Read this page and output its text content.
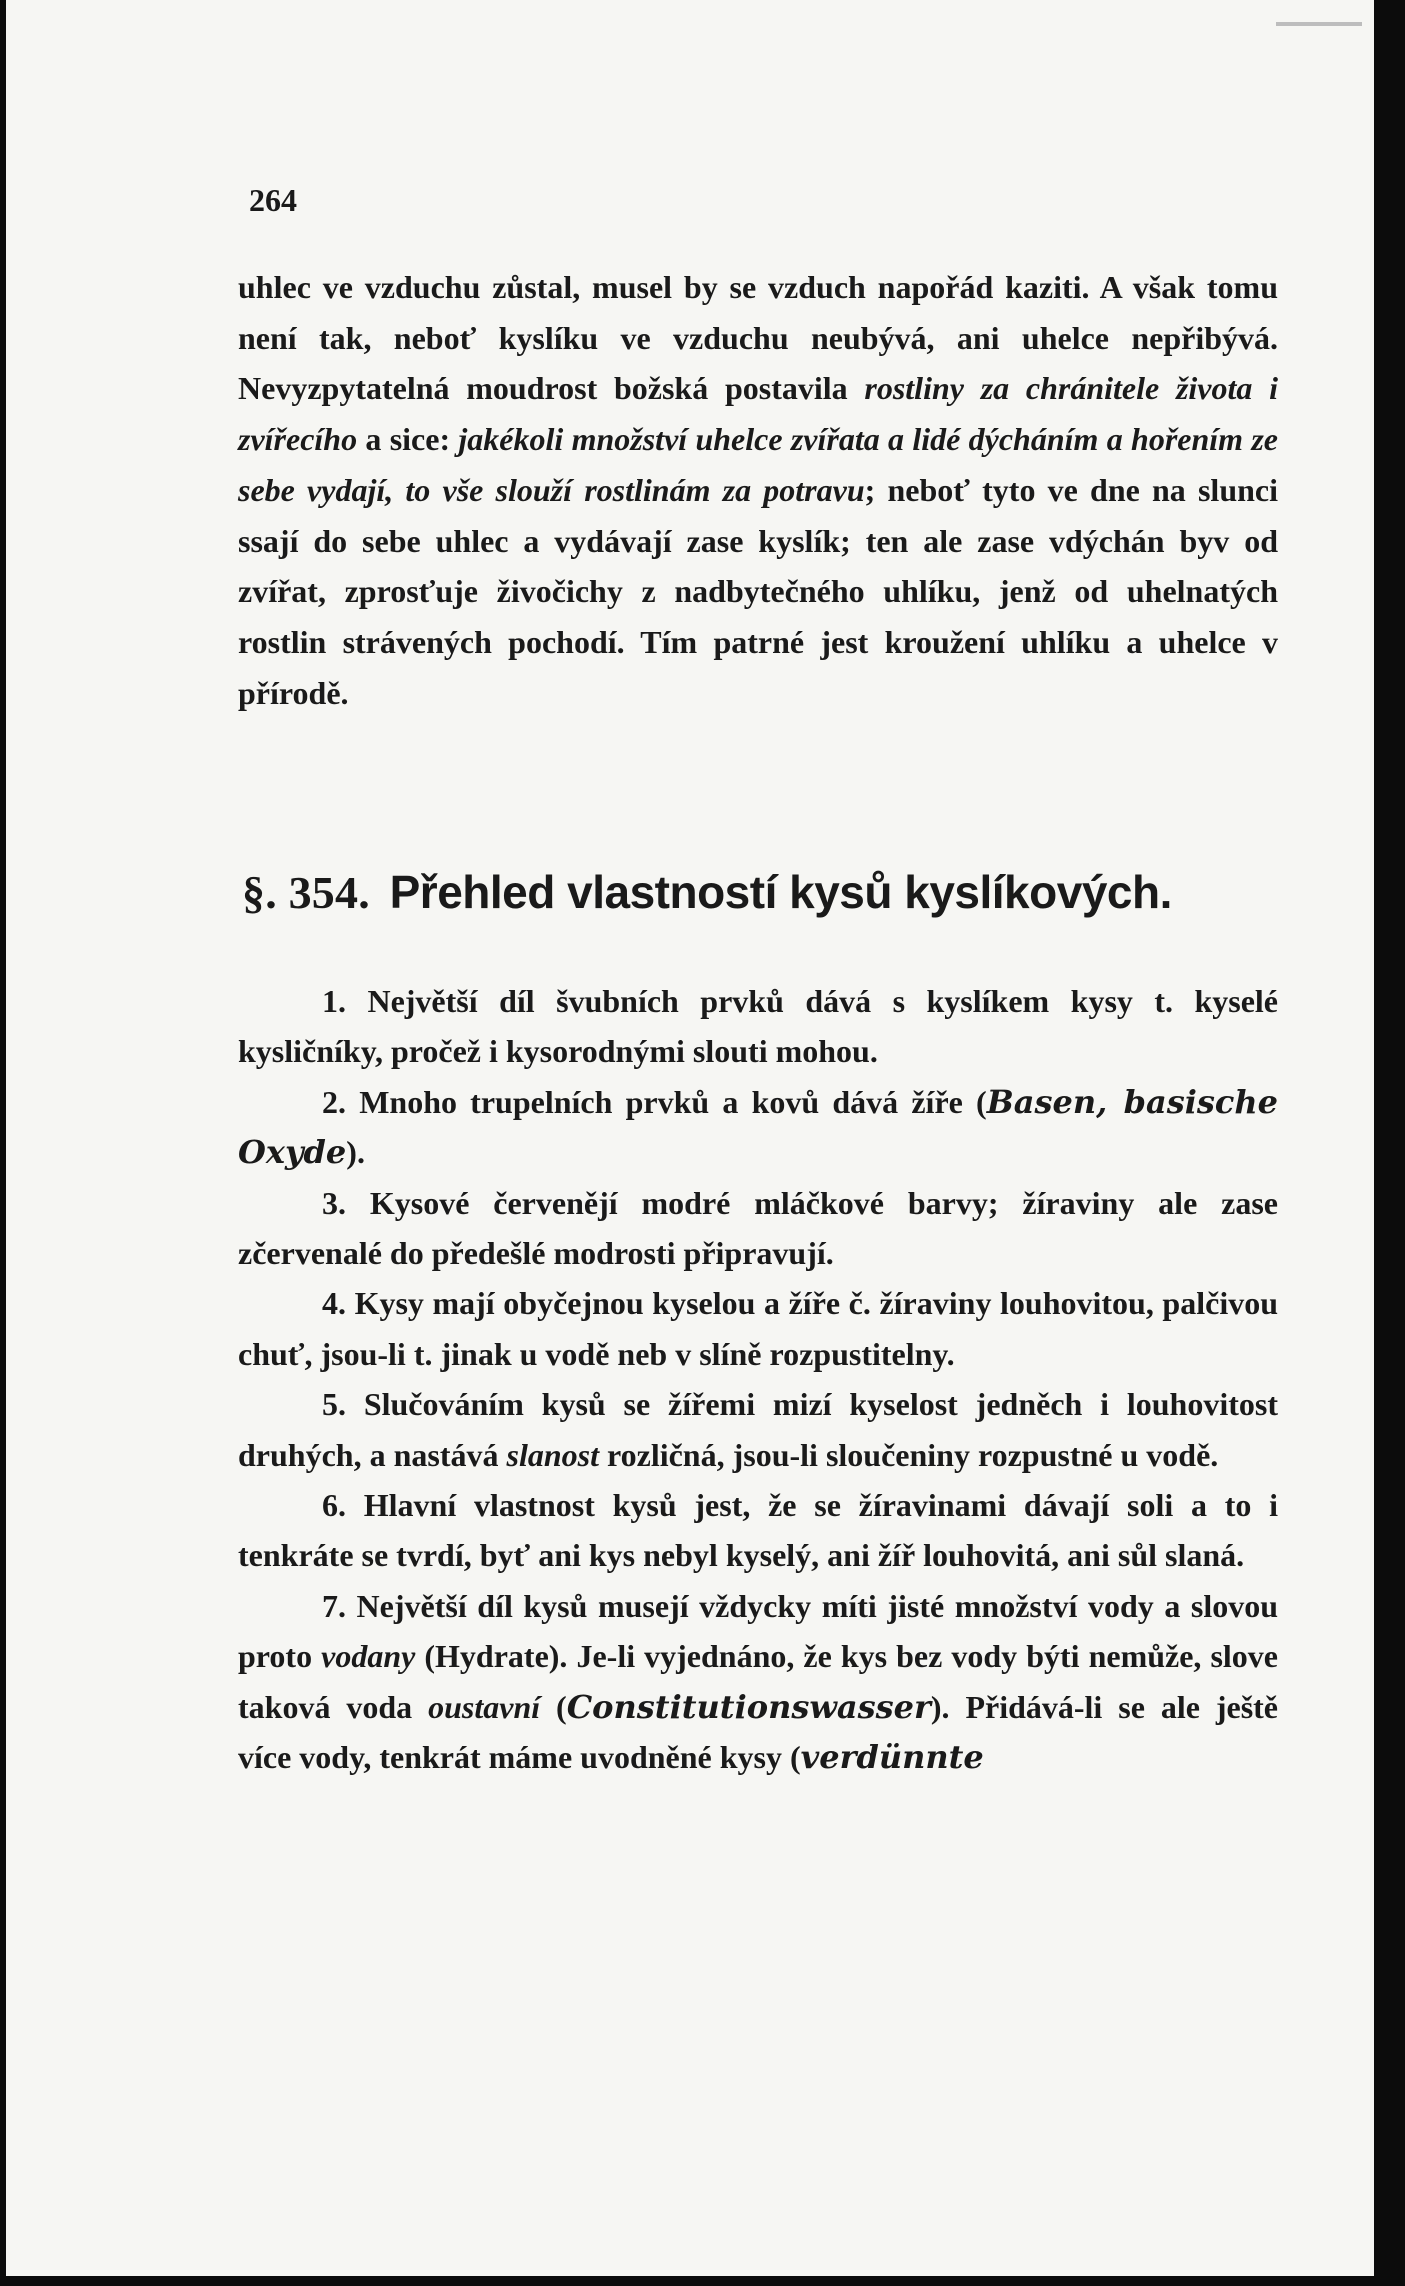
264

uhlec ve vzduchu zůstal, musel by se vzduch napořád kaziti. A však tomu není tak, neboť kyslíku ve vzduchu neubývá, ani uhelce nepřibývá. Nevyzpytatelná moudrost božská postavila rostliny za chránitele života i zvířecího a sice: jakékoli množství uhelce zvířata a lidé dýcháním a hořením ze sebe vydají, to vše slouží rostlinám za potravu; neboť tyto ve dne na slunci ssají do sebe uhlec a vydávají zase kyslík; ten ale zase vdýchán byv od zvířat, zprosťuje živočichy z nadbytečného uhlíku, jenž od uhelnatých rostlin strávených pochodí. Tím patrné jest kroužení uhlíku a uhelce v přírodě.

§. 354. Přehled vlastností kysů kyslíkových.

1. Největší díl švubních prvků dává s kyslíkem kysy t. kyselé kysličníky, pročež i kysorodnými slouti mohou.

2. Mnoho trupelních prvků a kovů dává žíře (Basen, basische Oxyde).

3. Kysové červenějí modré mláčkové barvy; žíraviny ale zase zčervenalé do předešlé modrosti připravují.

4. Kysy mají obyčejnou kyselou a žíře č. žíraviny louhovitou, palčivou chuť, jsou-li t. jinak u vodě neb v slíně rozpustitelny.

5. Slučováním kysů se žířemi mizí kyselost jedněch i louhovitost druhých, a nastává slanost rozličná, jsou-li sloučeniny rozpustné u vodě.

6. Hlavní vlastnost kysů jest, že se žíravinami dávají soli a to i tenkráte se tvrdí, byť ani kys nebyl kyselý, ani žíř louhovitá, ani sůl slaná.

7. Největší díl kysů musejí vždycky míti jisté množství vody a slovou proto vodany (Hydrate). Je-li vyjednáno, že kys bez vody býti nemůže, slove taková voda oustavní (Constitutionswasser). Přidává-li se ale ještě více vody, tenkrát máme uvodněné kysy (verdünnte
